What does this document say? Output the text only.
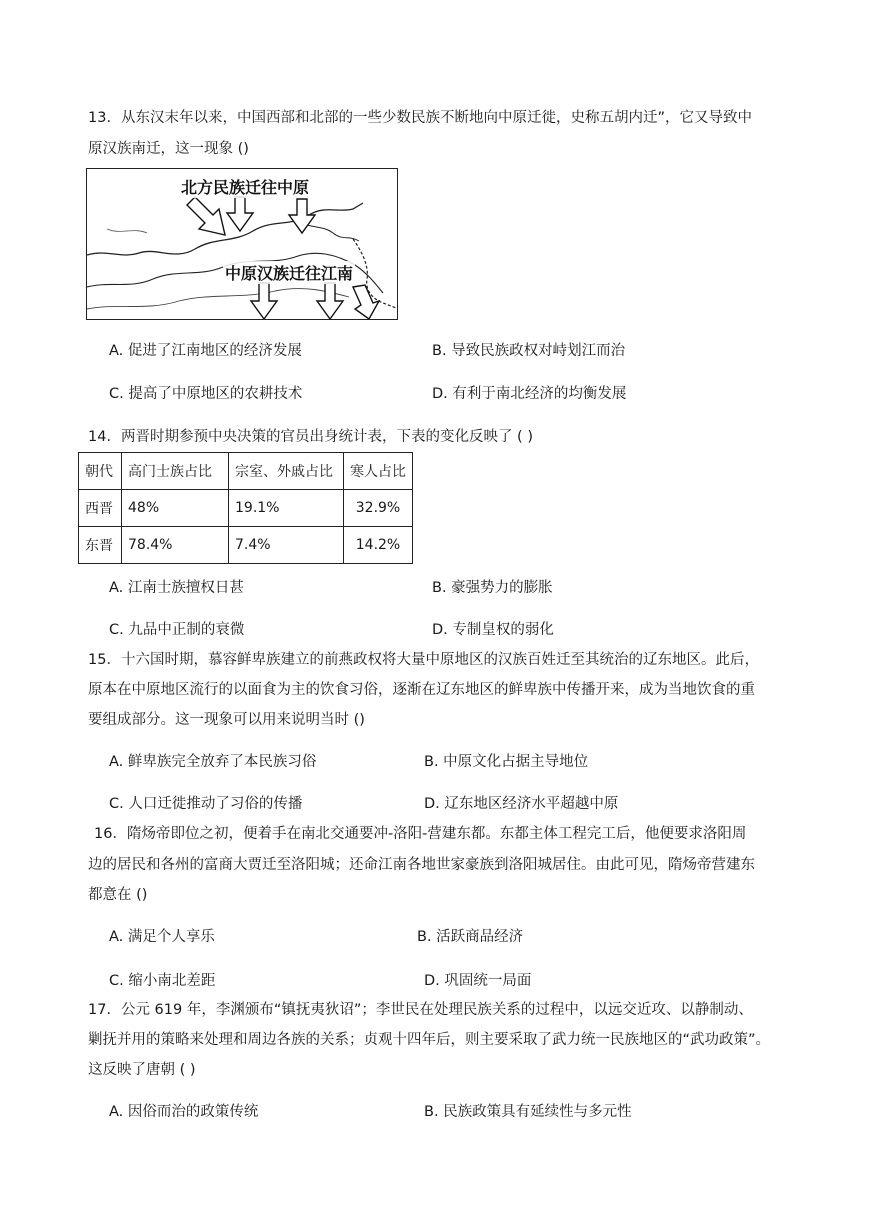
13．从东汉末年以来，中国西部和北部的一些少数民族不断地向中原迁徙，史称五胡内迁”，它又导致中
原汉族南迁，这一现象 ()
北方民族迁往中原
中原汉族迁往江南
A. 促进了江南地区的经济发展	B. 导致民族政权对峙划江而治
C. 提高了中原地区的农耕技术	D. 有利于南北经济的均衡发展
14．两晋时期参预中央决策的官员出身统计表，下表的变化反映了 ( )
朝代	高门士族占比	宗室、外戚占比	寒人占比
西晋	48%	19.1%	32.9%
东晋	78.4%	7.4%	14.2%
A. 江南士族擅权日甚	B. 豪强势力的膨胀
C. 九品中正制的衰微	D. 专制皇权的弱化
15．十六国时期，慕容鲜卑族建立的前燕政权将大量中原地区的汉族百姓迁至其统治的辽东地区。此后，
原本在中原地区流行的以面食为主的饮食习俗，逐渐在辽东地区的鲜卑族中传播开来，成为当地饮食的重
要组成部分。这一现象可以用来说明当时 ()
A. 鲜卑族完全放弃了本民族习俗	B. 中原文化占据主导地位
C. 人口迁徙推动了习俗的传播	D. 辽东地区经济水平超越中原
16．隋炀帝即位之初，便着手在南北交通要冲-洛阳-营建东都。东都主体工程完工后，他便要求洛阳周
边的居民和各州的富商大贾迁至洛阳城；还命江南各地世家豪族到洛阳城居住。由此可见，隋炀帝营建东
都意在 ()
A. 满足个人享乐	B. 活跃商品经济
C. 缩小南北差距	D. 巩固统一局面
17．公元 619 年，李渊颁布“镇抚夷狄诏”；李世民在处理民族关系的过程中，以远交近攻、以静制动、
剿抚并用的策略来处理和周边各族的关系；贞观十四年后，则主要采取了武力统一民族地区的“武功政策”。
这反映了唐朝 ( )
A. 因俗而治的政策传统	B. 民族政策具有延续性与多元性
